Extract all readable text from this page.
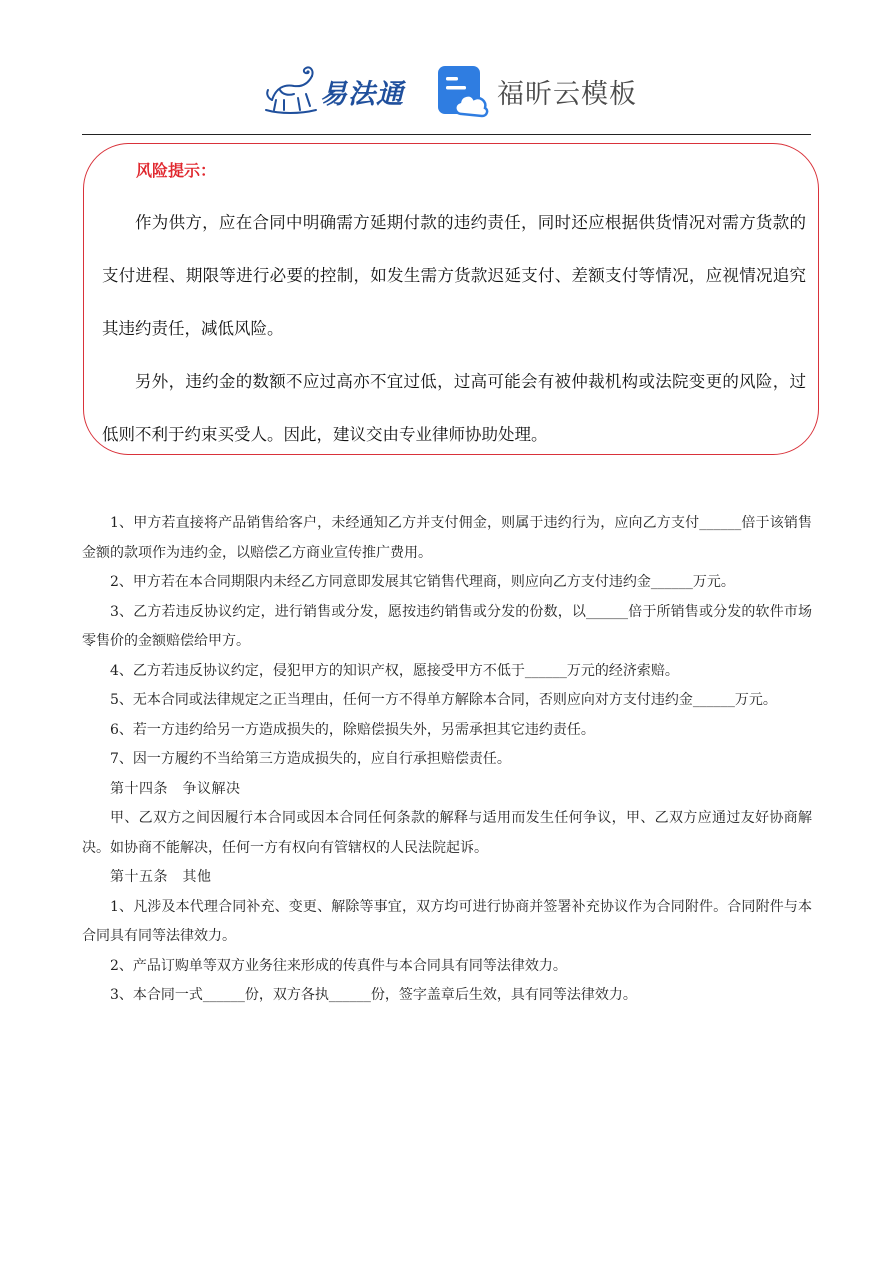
易法通	福昕云模板
风险提示：

作为供方，应在合同中明确需方延期付款的违约责任，同时还应根据供货情况对需方货款的支付进程、期限等进行必要的控制，如发生需方货款迟延支付、差额支付等情况，应视情况追究其违约责任，减低风险。

另外，违约金的数额不应过高亦不宜过低，过高可能会有被仲裁机构或法院变更的风险，过低则不利于约束买受人。因此，建议交由专业律师协助处理。

1、甲方若直接将产品销售给客户，未经通知乙方并支付佣金，则属于违约行为，应向乙方支付______倍于该销售金额的款项作为违约金，以赔偿乙方商业宣传推广费用。

2、甲方若在本合同期限内未经乙方同意即发展其它销售代理商，则应向乙方支付违约金______万元。

3、乙方若违反协议约定，进行销售或分发，愿按违约销售或分发的份数，以______倍于所销售或分发的软件市场零售价的金额赔偿给甲方。

4、乙方若违反协议约定，侵犯甲方的知识产权，愿接受甲方不低于______万元的经济索赔。

5、无本合同或法律规定之正当理由，任何一方不得单方解除本合同，否则应向对方支付违约金______万元。

6、若一方违约给另一方造成损失的，除赔偿损失外，另需承担其它违约责任。

7、因一方履约不当给第三方造成损失的，应自行承担赔偿责任。

第十四条　争议解决

甲、乙双方之间因履行本合同或因本合同任何条款的解释与适用而发生任何争议，甲、乙双方应通过友好协商解决。如协商不能解决，任何一方有权向有管辖权的人民法院起诉。

第十五条　其他

1、凡涉及本代理合同补充、变更、解除等事宜，双方均可进行协商并签署补充协议作为合同附件。合同附件与本合同具有同等法律效力。

2、产品订购单等双方业务往来形成的传真件与本合同具有同等法律效力。

3、本合同一式______份，双方各执______份，签字盖章后生效，具有同等法律效力。
